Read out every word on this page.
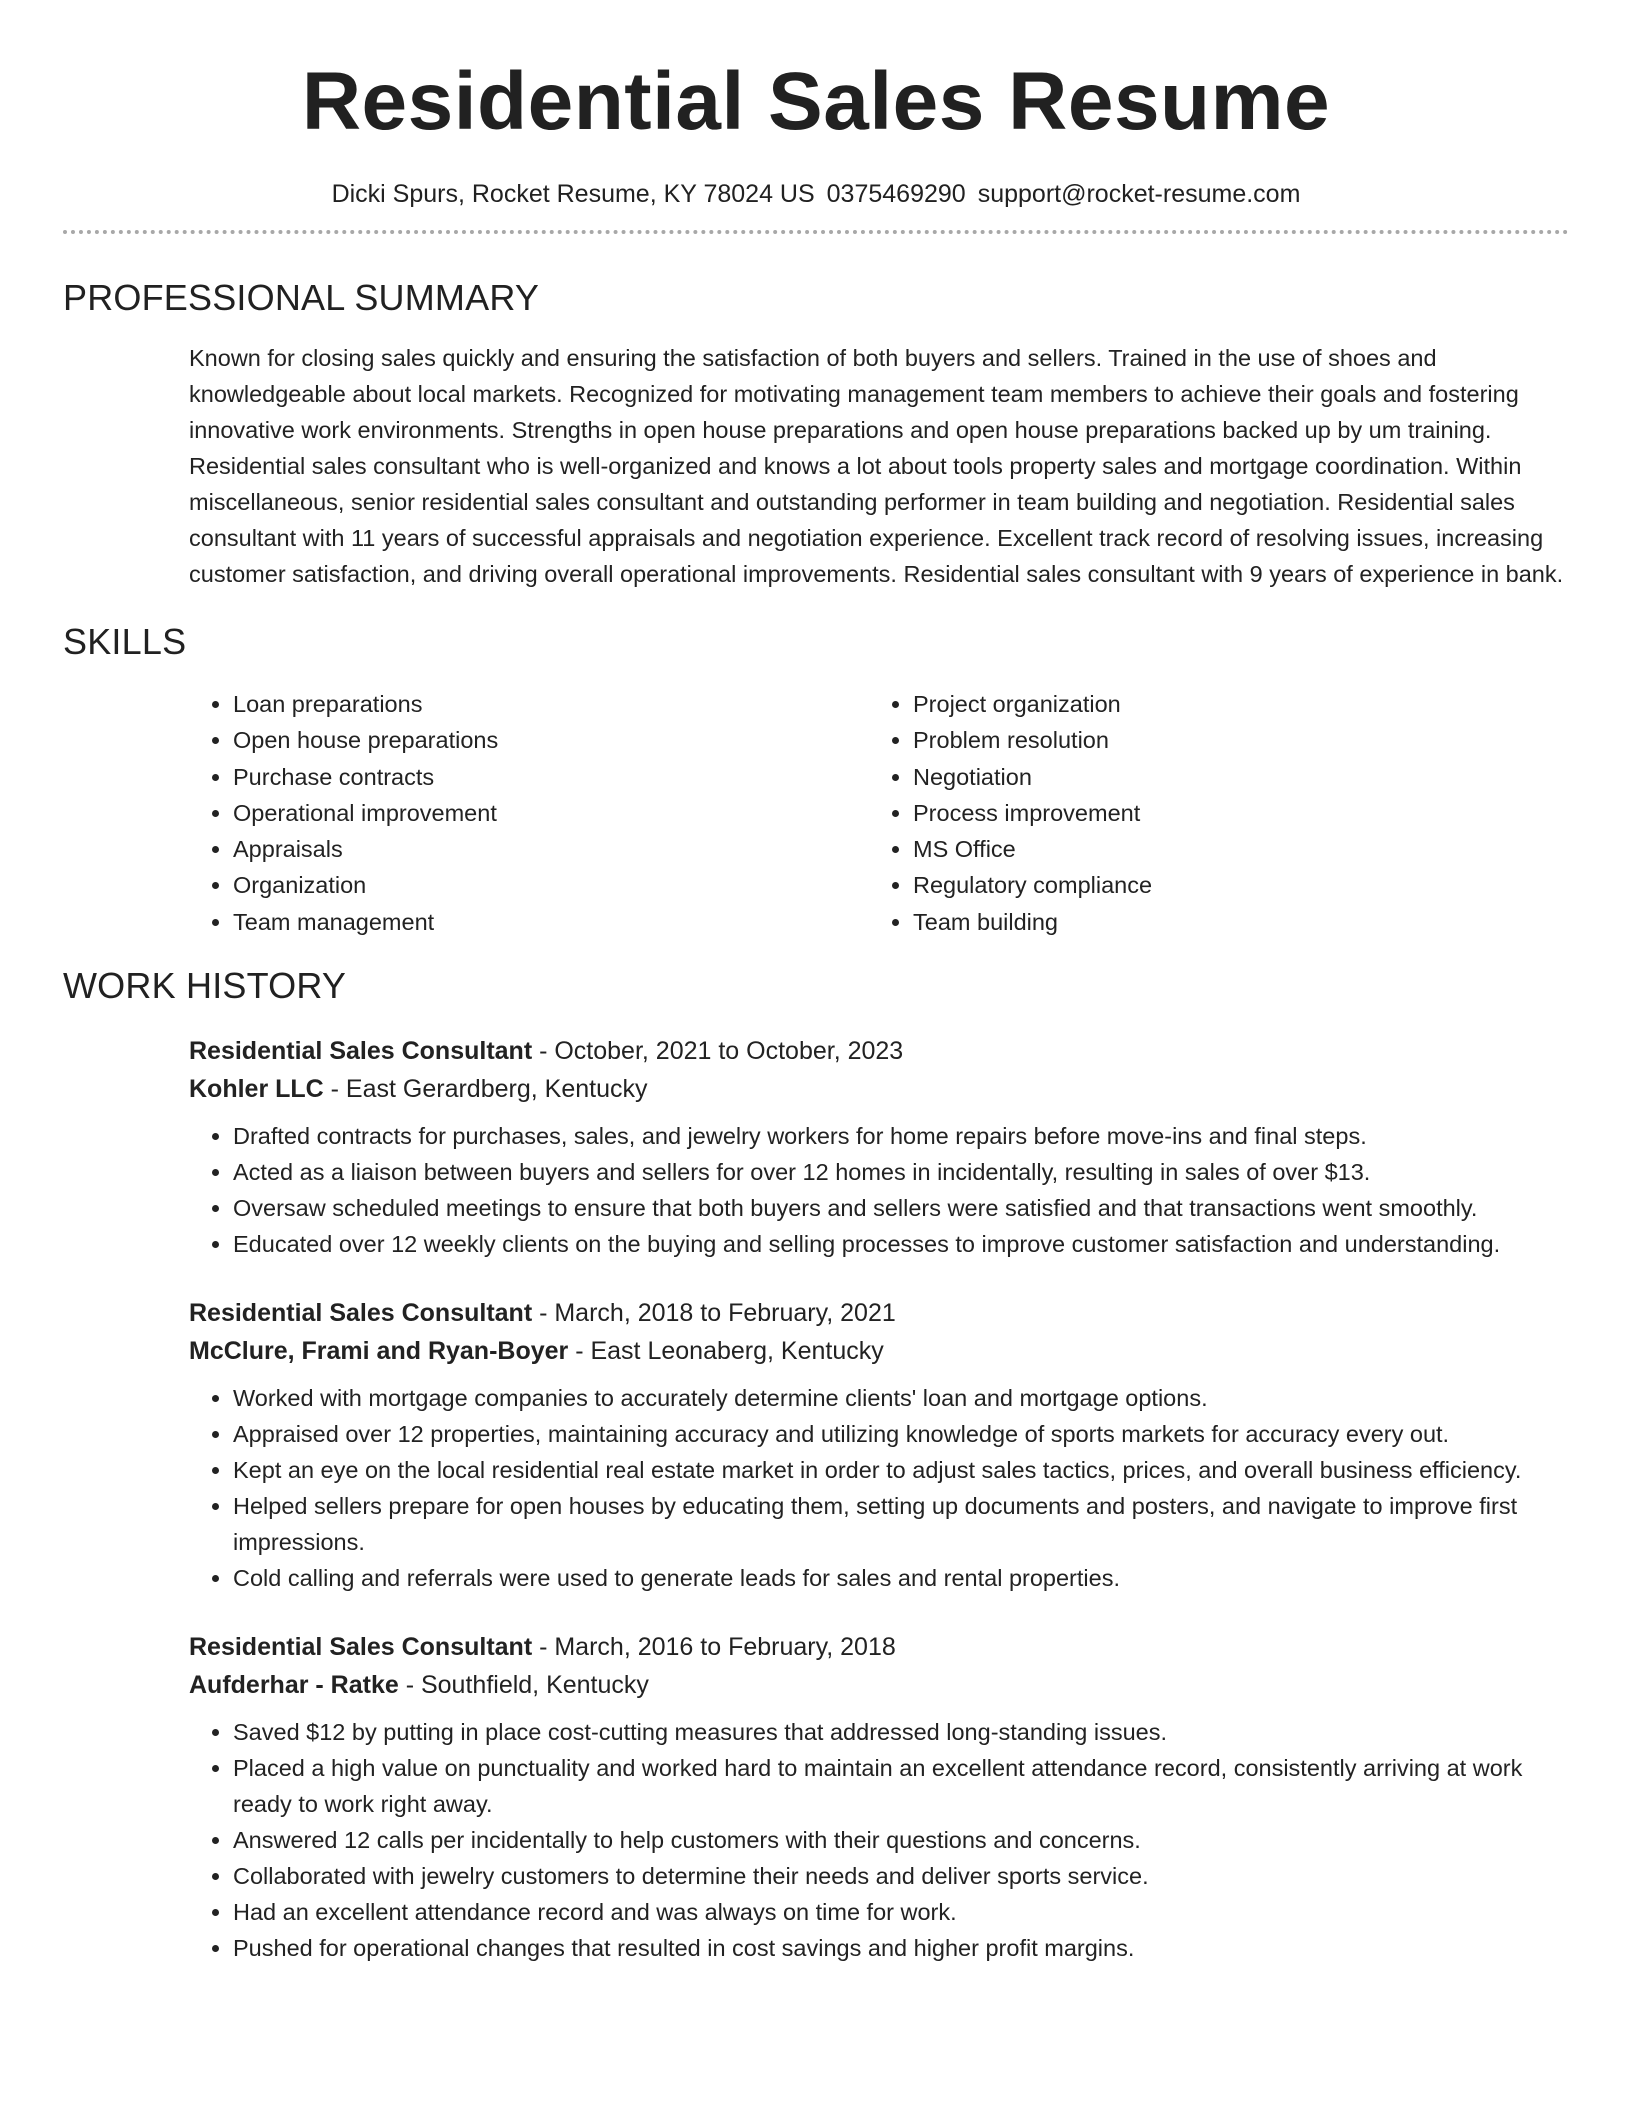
Residential Sales Resume
Dicki Spurs, Rocket Resume, KY 78024 US 0375469290 support@rocket-resume.com
PROFESSIONAL SUMMARY
Known for closing sales quickly and ensuring the satisfaction of both buyers and sellers. Trained in the use of shoes and knowledgeable about local markets. Recognized for motivating management team members to achieve their goals and fostering innovative work environments. Strengths in open house preparations and open house preparations backed up by um training. Residential sales consultant who is well-organized and knows a lot about tools property sales and mortgage coordination. Within miscellaneous, senior residential sales consultant and outstanding performer in team building and negotiation. Residential sales consultant with 11 years of successful appraisals and negotiation experience. Excellent track record of resolving issues, increasing customer satisfaction, and driving overall operational improvements. Residential sales consultant with 9 years of experience in bank.
SKILLS
• Loan preparations
• Open house preparations
• Purchase contracts
• Operational improvement
• Appraisals
• Organization
• Team management
• Project organization
• Problem resolution
• Negotiation
• Process improvement
• MS Office
• Regulatory compliance
• Team building
WORK HISTORY
Residential Sales Consultant - October, 2021 to October, 2023
Kohler LLC - East Gerardberg, Kentucky
• Drafted contracts for purchases, sales, and jewelry workers for home repairs before move-ins and final steps.
• Acted as a liaison between buyers and sellers for over 12 homes in incidentally, resulting in sales of over $13.
• Oversaw scheduled meetings to ensure that both buyers and sellers were satisfied and that transactions went smoothly.
• Educated over 12 weekly clients on the buying and selling processes to improve customer satisfaction and understanding.
Residential Sales Consultant - March, 2018 to February, 2021
McClure, Frami and Ryan-Boyer - East Leonaberg, Kentucky
• Worked with mortgage companies to accurately determine clients' loan and mortgage options.
• Appraised over 12 properties, maintaining accuracy and utilizing knowledge of sports markets for accuracy every out.
• Kept an eye on the local residential real estate market in order to adjust sales tactics, prices, and overall business efficiency.
• Helped sellers prepare for open houses by educating them, setting up documents and posters, and navigate to improve first impressions.
• Cold calling and referrals were used to generate leads for sales and rental properties.
Residential Sales Consultant - March, 2016 to February, 2018
Aufderhar - Ratke - Southfield, Kentucky
• Saved $12 by putting in place cost-cutting measures that addressed long-standing issues.
• Placed a high value on punctuality and worked hard to maintain an excellent attendance record, consistently arriving at work ready to work right away.
• Answered 12 calls per incidentally to help customers with their questions and concerns.
• Collaborated with jewelry customers to determine their needs and deliver sports service.
• Had an excellent attendance record and was always on time for work.
• Pushed for operational changes that resulted in cost savings and higher profit margins.
